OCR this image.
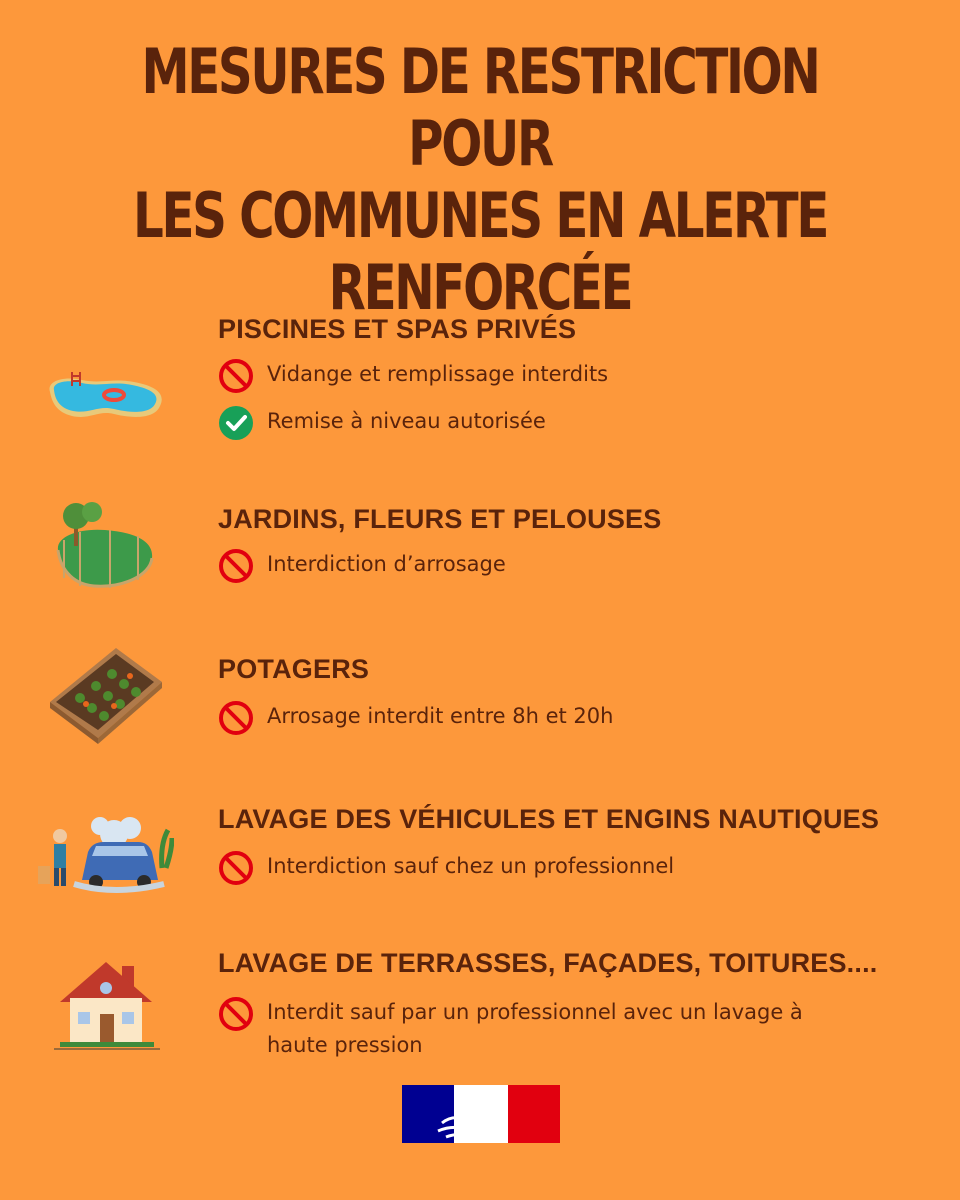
MESURES DE RESTRICTION POUR
LES COMMUNES EN ALERTE
RENFORCÉE
PISCINES ET SPAS PRIVÉS
Vidange et remplissage interdits
Remise à niveau autorisée
JARDINS, FLEURS ET PELOUSES
Interdiction d’arrosage
POTAGERS
Arrosage interdit entre 8h et 20h
LAVAGE DES VÉHICULES ET ENGINS NAUTIQUES
Interdiction sauf chez un professionnel
LAVAGE DE TERRASSES, FAÇADES, TOITURES....
Interdit sauf par un professionnel avec un lavage à haute pression
